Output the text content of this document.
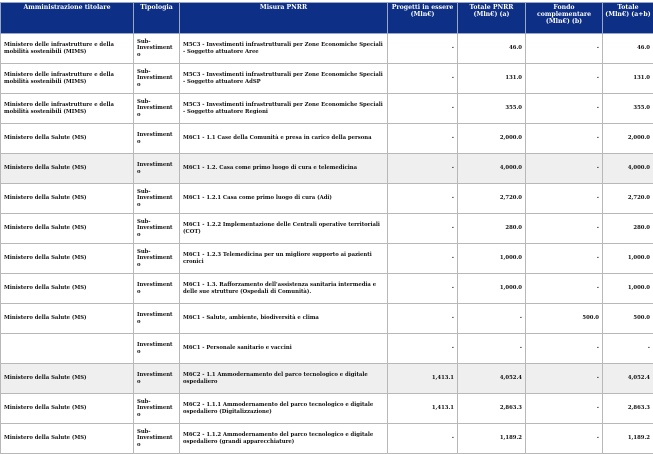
Amministrazione titolare	Tipologia	Misura PNRR	Progetti in essere (Mln€)	Totale PNRR (Mln€) (a)	Fondo complementare (Mln€) (b)	Totale (Mln€) (a+b)
Ministero delle infrastrutture e della mobilità sostenibili (MIMS)	Sub-Investimento	M5C3 - Investimenti infrastrutturali per Zone Economiche Speciali - Soggetto attuatore Aree	-	46.0	-	46.0
Ministero delle infrastrutture e della mobilità sostenibili (MIMS)	Sub-Investimento	M5C3 - Investimenti infrastrutturali per Zone Economiche Speciali - Soggetto attuatore AdSP	-	131.0	-	131.0
Ministero delle infrastrutture e della mobilità sostenibili (MIMS)	Sub-Investimento	M5C3 - Investimenti infrastrutturali per Zone Economiche Speciali - Soggetto attuatore Regioni	-	355.0	-	355.0
Ministero della Salute (MS)	Investimento	M6C1 - 1.1 Case della Comunità e presa in carico della persona	-	2,000.0	-	2,000.0
Ministero della Salute (MS)	Investimento	M6C1 - 1.2. Casa come primo luogo di cura e telemedicina	-	4,000.0	-	4,000.0
Ministero della Salute (MS)	Sub-Investimento	M6C1 - 1.2.1 Casa come primo luogo di cura (Adi)	-	2,720.0	-	2,720.0
Ministero della Salute (MS)	Sub-Investimento	M6C1 - 1.2.2 Implementazione delle Centrali operative territoriali (COT)	-	280.0	-	280.0
Ministero della Salute (MS)	Sub-Investimento	M6C1 - 1.2.3 Telemedicina per un migliore supporto ai pazienti cronici	-	1,000.0	-	1,000.0
Ministero della Salute (MS)	Investimento	M6C1 - 1.3. Rafforzamento dell'assistenza sanitaria intermedia e delle sue strutture (Ospedali di Comunità).	-	1,000.0	-	1,000.0
Ministero della Salute (MS)	Investimento	M6C1 - Salute, ambiente, biodiversità e clima	-	-	500.0	500.0
	Investimento	M6C1 - Personale sanitario e vaccini	-	-	-	-
Ministero della Salute (MS)	Investimento	M6C2 - 1.1 Ammodernamento del parco tecnologico e digitale ospedaliero	1,413.1	4,052.4	-	4,052.4
Ministero della Salute (MS)	Sub-Investimento	M6C2 - 1.1.1 Ammodernamento del parco tecnologico e digitale ospedaliero (Digitalizzazione)	1,413.1	2,863.3	-	2,863.3
Ministero della Salute (MS)	Sub-Investimento	M6C2 - 1.1.2 Ammodernamento del parco tecnologico e digitale ospedaliero (grandi apparecchiature)	-	1,189.2	-	1,189.2
